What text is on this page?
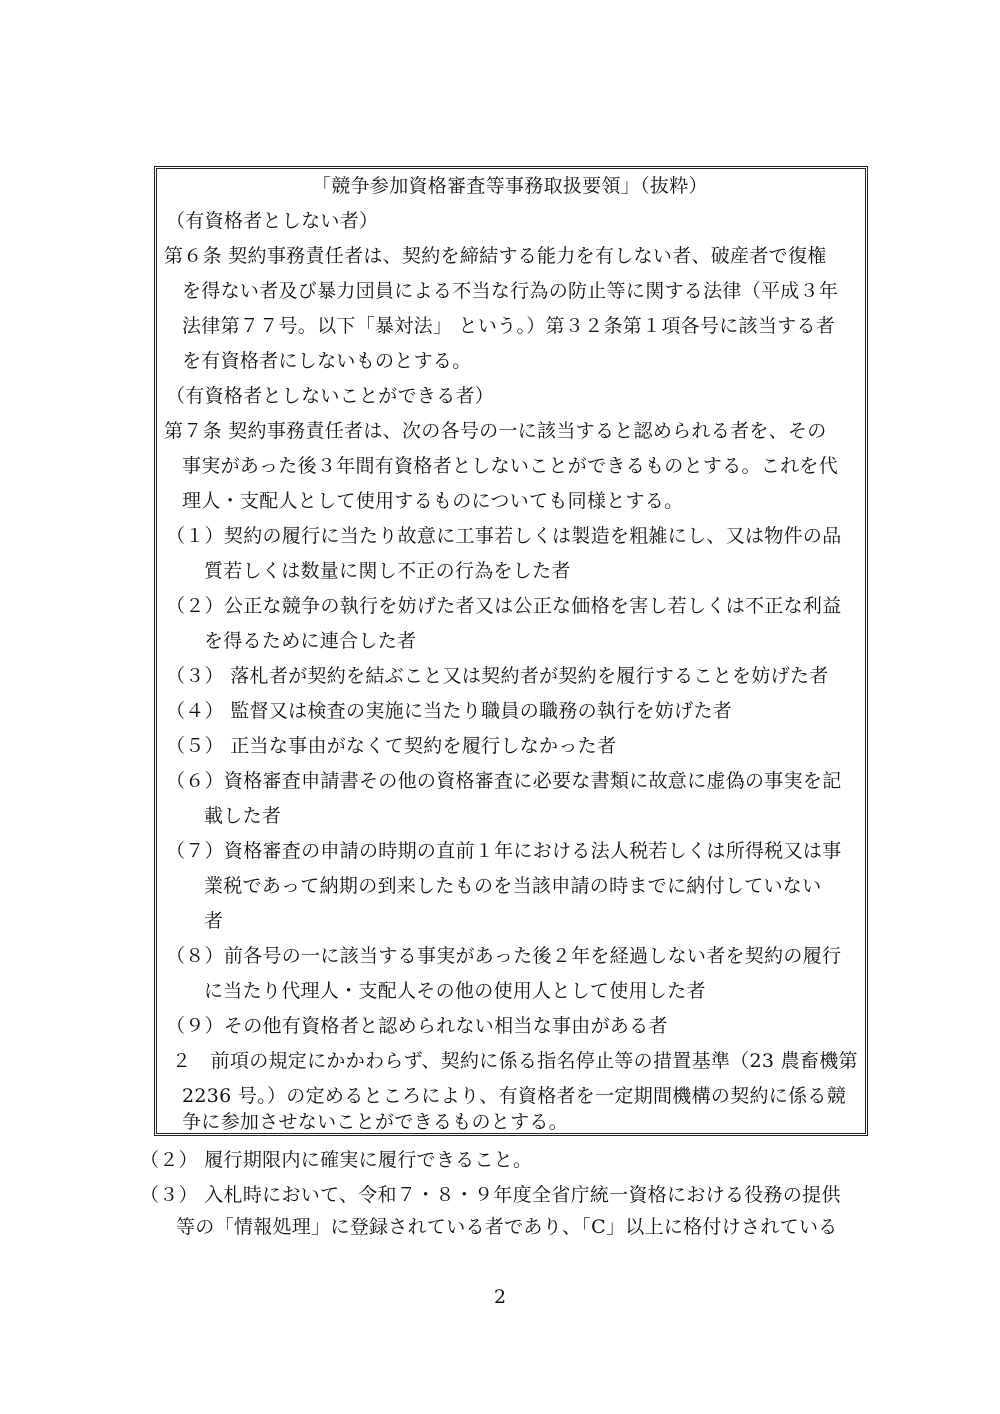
「競争参加資格審査等事務取扱要領」（抜粋）
（有資格者としない者）
第６条 契約事務責任者は、契約を締結する能力を有しない者、破産者で復権
を得ない者及び暴力団員による不当な行為の防止等に関する法律（平成３年
法律第７７号。以下「暴対法」 という。）第３２条第１項各号に該当する者
を有資格者にしないものとする。
（有資格者としないことができる者）
第７条 契約事務責任者は、次の各号の一に該当すると認められる者を、その
事実があった後３年間有資格者としないことができるものとする。これを代
理人・支配人として使用するものについても同様とする。
（１）契約の履行に当たり故意に工事若しくは製造を粗雑にし、又は物件の品
質若しくは数量に関し不正の行為をした者
（２）公正な競争の執行を妨げた者又は公正な価格を害し若しくは不正な利益
を得るために連合した者
（３） 落札者が契約を結ぶこと又は契約者が契約を履行することを妨げた者
（４） 監督又は検査の実施に当たり職員の職務の執行を妨げた者
（５） 正当な事由がなくて契約を履行しなかった者
（６）資格審査申請書その他の資格審査に必要な書類に故意に虚偽の事実を記
載した者
（７）資格審査の申請の時期の直前１年における法人税若しくは所得税又は事
業税であって納期の到来したものを当該申請の時までに納付していない
者
（８）前各号の一に該当する事実があった後２年を経過しない者を契約の履行
に当たり代理人・支配人その他の使用人として使用した者
（９）その他有資格者と認められない相当な事由がある者
２　前項の規定にかかわらず、契約に係る指名停止等の措置基準（23 農畜機第
2236 号。）の定めるところにより、有資格者を一定期間機構の契約に係る競
争に参加させないことができるものとする。
（２） 履行期限内に確実に履行できること。
（３） 入札時において、令和７・８・９年度全省庁統一資格における役務の提供
等の「情報処理」に登録されている者であり、「C」以上に格付けされている
2
